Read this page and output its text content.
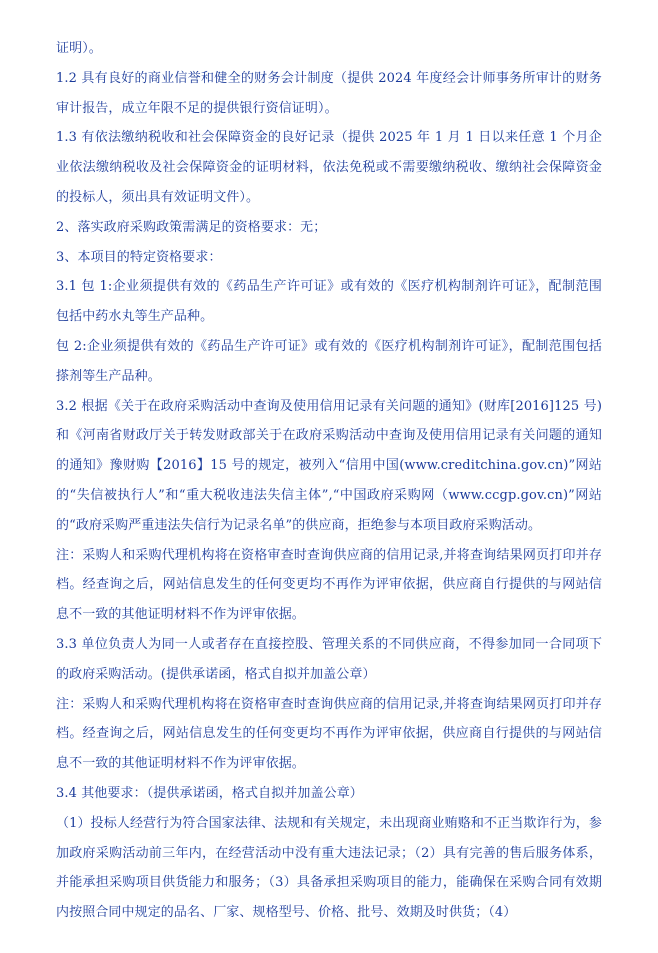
证明）。

1.2 具有良好的商业信誉和健全的财务会计制度（提供 2024 年度经会计师事务所审计的财务审计报告，成立年限不足的提供银行资信证明）。

1.3 有依法缴纳税收和社会保障资金的良好记录（提供 2025 年 1 月 1 日以来任意 1 个月企业依法缴纳税收及社会保障资金的证明材料，依法免税或不需要缴纳税收、缴纳社会保障资金的投标人，须出具有效证明文件）。

2、落实政府采购政策需满足的资格要求：无；

3、本项目的特定资格要求：

3.1 包 1:企业须提供有效的《药品生产许可证》或有效的《医疗机构制剂许可证》，配制范围包括中药水丸等生产品种。

包 2:企业须提供有效的《药品生产许可证》或有效的《医疗机构制剂许可证》，配制范围包括搽剂等生产品种。

3.2 根据《关于在政府采购活动中查询及使用信用记录有关问题的通知》(财库[2016]125 号)和《河南省财政厅关于转发财政部关于在政府采购活动中查询及使用信用记录有关问题的通知的通知》豫财购【2016】15 号的规定，被列入“信用中国(www.creditchina.gov.cn)”网站的“失信被执行人”和“重大税收违法失信主体”,“中国政府采购网（www.ccgp.gov.cn)”网站的“政府采购严重违法失信行为记录名单”的供应商，拒绝参与本项目政府采购活动。

注：采购人和采购代理机构将在资格审查时查询供应商的信用记录,并将查询结果网页打印并存档。经查询之后，网站信息发生的任何变更均不再作为评审依据，供应商自行提供的与网站信息不一致的其他证明材料不作为评审依据。

3.3 单位负责人为同一人或者存在直接控股、管理关系的不同供应商，不得参加同一合同项下的政府采购活动。(提供承诺函，格式自拟并加盖公章）

注：采购人和采购代理机构将在资格审查时查询供应商的信用记录,并将查询结果网页打印并存档。经查询之后，网站信息发生的任何变更均不再作为评审依据，供应商自行提供的与网站信息不一致的其他证明材料不作为评审依据。

3.4 其他要求：（提供承诺函，格式自拟并加盖公章）

（1）投标人经营行为符合国家法律、法规和有关规定，未出现商业贿赂和不正当欺诈行为，参加政府采购活动前三年内，在经营活动中没有重大违法记录；（2）具有完善的售后服务体系，并能承担采购项目供货能力和服务；（3）具备承担采购项目的能力，能确保在采购合同有效期内按照合同中规定的品名、厂家、规格型号、价格、批号、效期及时供货；（4）
